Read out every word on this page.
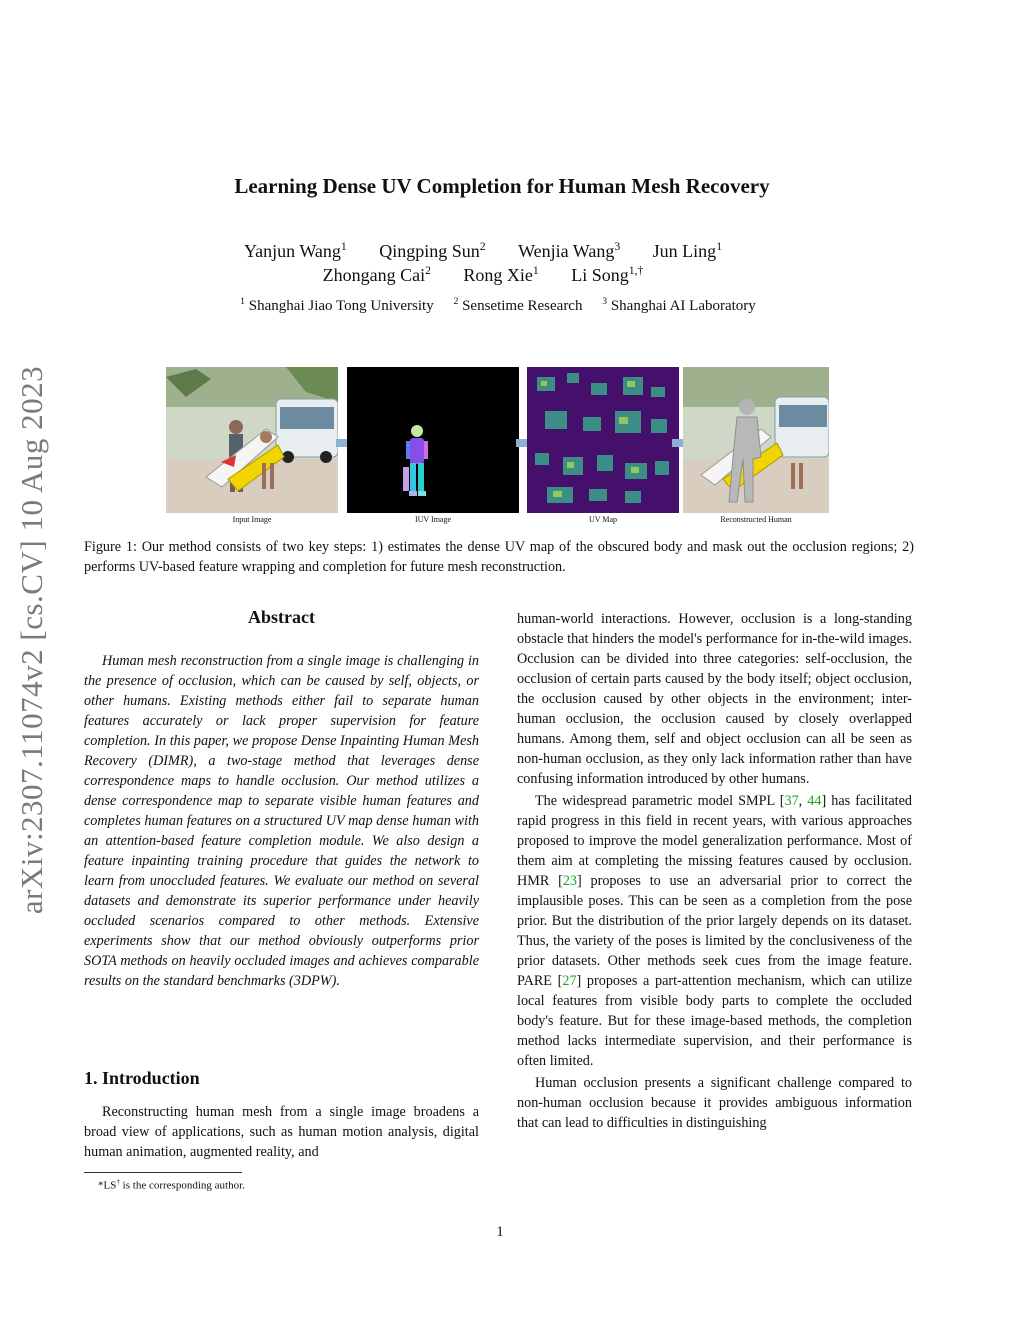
arXiv:2307.11074v2 [cs.CV] 10 Aug 2023
Learning Dense UV Completion for Human Mesh Recovery
Yanjun Wang$^1$ Qingping Sun$^2$ Wenjia Wang$^3$ Jun Ling$^1$
Zhongang Cai$^2$ Rong Xie$^1$ Li Song$^{1,\dagger}$
$^1$ Shanghai Jiao Tong University $^2$ Sensetime Research $^3$ Shanghai AI Laboratory
Input Image	IUV Image	UV Map	Reconstructed Human
Figure 1: Our method consists of two key steps: 1) estimates the dense UV map of the obscured body and mask out the occlusion regions; 2) performs UV-based feature wrapping and completion for future mesh reconstruction.
Abstract

Human mesh reconstruction from a single image is challenging in the presence of occlusion, which can be caused by self, objects, or other humans. Existing methods either fail to separate human features accurately or lack proper supervision for feature completion. In this paper, we propose Dense Inpainting Human Mesh Recovery (DIMR), a two-stage method that leverages dense correspondence maps to handle occlusion. Our method utilizes a dense correspondence map to separate visible human features and completes human features on a structured UV map dense human with an attention-based feature completion module. We also design a feature inpainting training procedure that guides the network to learn from unoccluded features. We evaluate our method on several datasets and demonstrate its superior performance under heavily occluded scenarios compared to other methods. Extensive experiments show that our method obviously outperforms prior SOTA methods on heavily occluded images and achieves comparable results on the standard benchmarks (3DPW).

1. Introduction

Reconstructing human mesh from a single image broadens a broad view of applications, such as human motion analysis, digital human animation, augmented reality, and

*LS† is the corresponding author.

human-world interactions. However, occlusion is a long-standing obstacle that hinders the model's performance for in-the-wild images. Occlusion can be divided into three categories: self-occlusion, the occlusion of certain parts caused by the body itself; object occlusion, the occlusion caused by other objects in the environment; inter-human occlusion, the occlusion caused by closely overlapped humans. Among them, self and object occlusion can all be seen as non-human occlusion, as they only lack information rather than have confusing information introduced by other humans.

The widespread parametric model SMPL [37, 44] has facilitated rapid progress in this field in recent years, with various approaches proposed to improve the model generalization performance. Most of them aim at completing the missing features caused by occlusion. HMR [23] proposes to use an adversarial prior to correct the implausible poses. This can be seen as a completion from the pose prior. But the distribution of the prior largely depends on its dataset. Thus, the variety of the poses is limited by the conclusiveness of the prior datasets. Other methods seek cues from the image feature. PARE [27] proposes a part-attention mechanism, which can utilize local features from visible body parts to complete the occluded body's feature. But for these image-based methods, the completion method lacks intermediate supervision, and their performance is often limited.

Human occlusion presents a significant challenge compared to non-human occlusion because it provides ambiguous information that can lead to difficulties in distinguishing

1
